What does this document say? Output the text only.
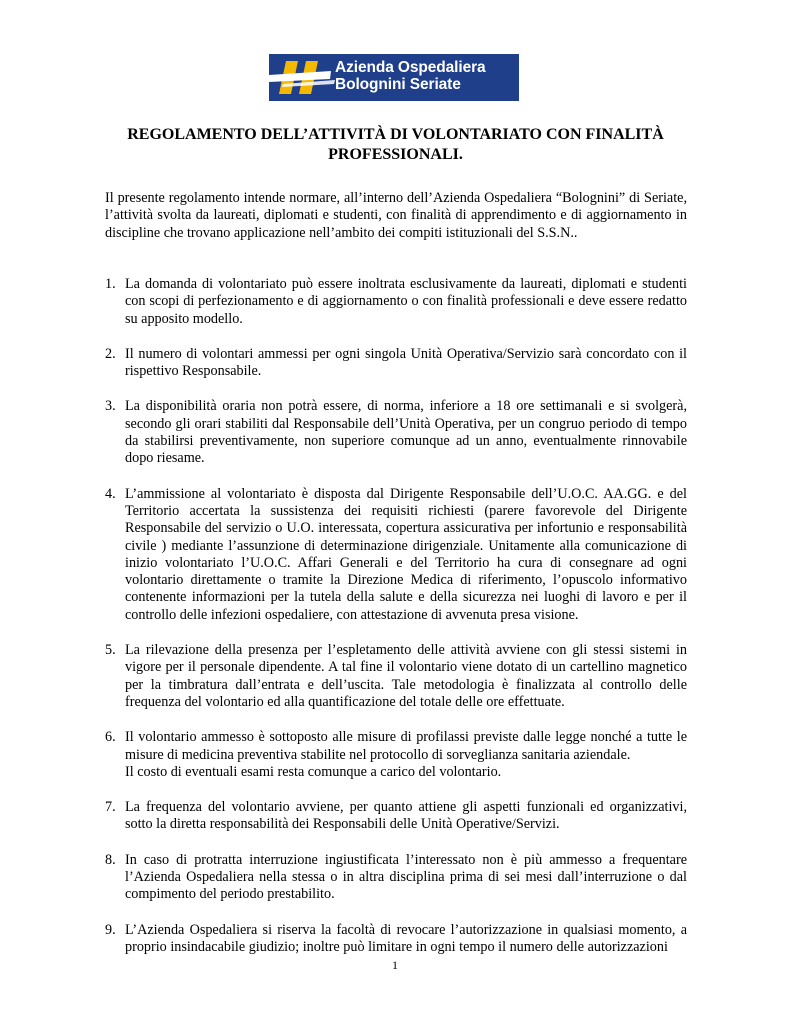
Azienda Ospedaliera
Bolognini Seriate
REGOLAMENTO DELL’ATTIVITÀ DI VOLONTARIATO CON FINALITÀ
PROFESSIONALI.

Il presente regolamento intende normare, all’interno dell’Azienda Ospedaliera “Bolognini” di Seriate, l’attività svolta da laureati, diplomati e studenti, con finalità di apprendimento e di aggiornamento in discipline che trovano applicazione nell’ambito dei compiti istituzionali del S.S.N..

1. La domanda di volontariato può essere inoltrata esclusivamente da laureati, diplomati e studenti con scopi di perfezionamento e di aggiornamento o con finalità professionali e deve essere redatto su apposito modello.
2. Il numero di volontari ammessi per ogni singola Unità Operativa/Servizio sarà concordato con il rispettivo Responsabile.
3. La disponibilità oraria non potrà essere, di norma, inferiore a 18 ore settimanali e si svolgerà, secondo gli orari stabiliti dal Responsabile dell’Unità Operativa, per un congruo periodo di tempo da stabilirsi preventivamente, non superiore comunque ad un anno, eventualmente rinnovabile dopo riesame.
4. L’ammissione al volontariato è disposta dal Dirigente Responsabile dell’U.O.C. AA.GG. e del Territorio accertata la sussistenza dei requisiti richiesti (parere favorevole del Dirigente Responsabile del servizio o U.O. interessata, copertura assicurativa per infortunio e responsabilità civile ) mediante l’assunzione di determinazione dirigenziale. Unitamente alla comunicazione di inizio volontariato l’U.O.C. Affari Generali e del Territorio ha cura di consegnare ad ogni volontario direttamente o tramite la Direzione Medica di riferimento, l’opuscolo informativo contenente informazioni per la tutela della salute e della sicurezza nei luoghi di lavoro e per il controllo delle infezioni ospedaliere, con attestazione di avvenuta presa visione.
5. La rilevazione della presenza per l’espletamento delle attività avviene con gli stessi sistemi in vigore per il personale dipendente. A tal fine il volontario viene dotato di un cartellino magnetico per la timbratura dall’entrata e dell’uscita. Tale metodologia è finalizzata al controllo delle frequenza del volontario ed alla quantificazione del totale delle ore effettuate.
6. Il volontario ammesso è sottoposto alle misure di profilassi previste dalle legge nonché a tutte le misure di medicina preventiva stabilite nel protocollo di sorveglianza sanitaria aziendale.
Il costo di eventuali esami resta comunque a carico del volontario.
7. La frequenza del volontario avviene, per quanto attiene gli aspetti funzionali ed organizzativi, sotto la diretta responsabilità dei Responsabili delle Unità Operative/Servizi.
8. In caso di protratta interruzione ingiustificata l’interessato non è più ammesso a frequentare l’Azienda Ospedaliera nella stessa o in altra disciplina prima di sei mesi dall’interruzione o dal compimento del periodo prestabilito.
9. L’Azienda Ospedaliera si riserva la facoltà di revocare l’autorizzazione in qualsiasi momento, a proprio insindacabile giudizio; inoltre può limitare in ogni tempo il numero delle autorizzazioni
1
